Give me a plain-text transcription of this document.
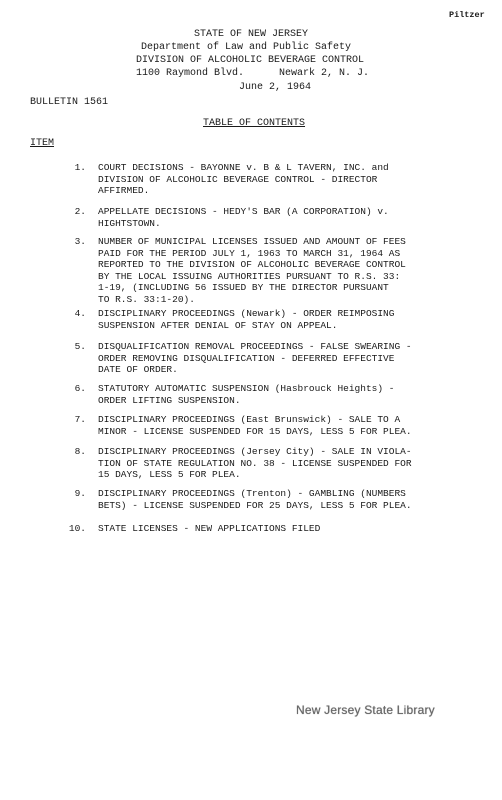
Piltzer
STATE OF NEW JERSEY
Department of Law and Public Safety
DIVISION OF ALCOHOLIC BEVERAGE CONTROL
1100 Raymond Blvd.	Newark 2, N. J.
June 2, 1964
BULLETIN 1561
TABLE OF CONTENTS
ITEM
1. COURT DECISIONS - BAYONNE v. B & L TAVERN, INC. and
DIVISION OF ALCOHOLIC BEVERAGE CONTROL - DIRECTOR
AFFIRMED.
2. APPELLATE DECISIONS - HEDY'S BAR (A CORPORATION) v.
HIGHTSTOWN.
3. NUMBER OF MUNICIPAL LICENSES ISSUED AND AMOUNT OF FEES
PAID FOR THE PERIOD JULY 1, 1963 TO MARCH 31, 1964 AS
REPORTED TO THE DIVISION OF ALCOHOLIC BEVERAGE CONTROL
BY THE LOCAL ISSUING AUTHORITIES PURSUANT TO R.S. 33:
1-19, (INCLUDING 56 ISSUED BY THE DIRECTOR PURSUANT
TO R.S. 33:1-20).
4. DISCIPLINARY PROCEEDINGS (Newark) - ORDER REIMPOSING
SUSPENSION AFTER DENIAL OF STAY ON APPEAL.
5. DISQUALIFICATION REMOVAL PROCEEDINGS - FALSE SWEARING -
ORDER REMOVING DISQUALIFICATION - DEFERRED EFFECTIVE
DATE OF ORDER.
6. STATUTORY AUTOMATIC SUSPENSION (Hasbrouck Heights) -
ORDER LIFTING SUSPENSION.
7. DISCIPLINARY PROCEEDINGS (East Brunswick) - SALE TO A
MINOR - LICENSE SUSPENDED FOR 15 DAYS, LESS 5 FOR PLEA.
8. DISCIPLINARY PROCEEDINGS (Jersey City) - SALE IN VIOLA-
TION OF STATE REGULATION NO. 38 - LICENSE SUSPENDED FOR
15 DAYS, LESS 5 FOR PLEA.
9. DISCIPLINARY PROCEEDINGS (Trenton) - GAMBLING (NUMBERS
BETS) - LICENSE SUSPENDED FOR 25 DAYS, LESS 5 FOR PLEA.
10. STATE LICENSES - NEW APPLICATIONS FILED
New Jersey State Library
